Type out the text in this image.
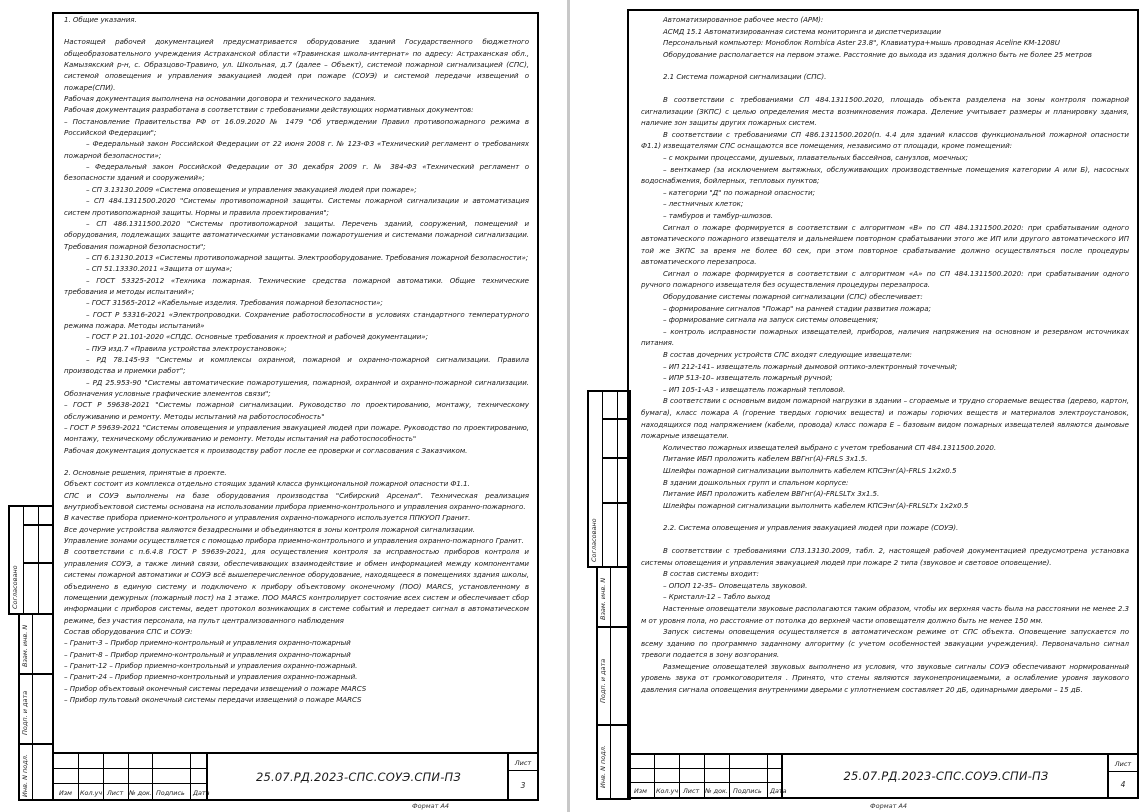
Согласовано
Взам. инв. N
Подп. и дата
Инв. N подл.

1. Общие указания.

Настоящей рабочей документацией предусматривается оборудование зданий Государственного бюджетного общеобразовательного учреждения Астраханской области «Травинская школа-интернат» по адресу: Астраханская обл., Камызякский р-н, с. Образцово-Травино, ул. Школьная, д.7 (далее – Объект), системой пожарной сигнализацией (СПС), системой оповещения и управления эвакуацией людей при пожаре (СОУЭ) и системой передачи извещений о пожаре(СПИ).

Рабочая документация выполнена на основании договора и технического задания.

Рабочая документация разработана в соответствии с требованиями действующих нормативных документов:

– Постановление Правительства РФ от 16.09.2020 № 1479 "Об утверждении Правил противопожарного режима в Российской Федерации";

– Федеральный закон Российской Федерации от 22 июня 2008 г. № 123-ФЗ «Технический регламент о требованиях пожарной безопасности»;

– Федеральный закон Российской Федерации от 30 декабря 2009 г. № 384-ФЗ «Технический регламент о безопасности зданий и сооружений»;

– СП 3.13130.2009 «Система оповещения и управления эвакуацией людей при пожаре»;

– СП 484.1311500.2020 "Системы противопожарной защиты. Системы пожарной сигнализации и автоматизация систем противопожарной защиты. Нормы и правила проектирования";

– СП 486.1311500.2020 "Системы противопожарной защиты. Перечень зданий, сооружений, помещений и оборудования, подлежащих защите автоматическими установками пожаротушения и системами пожарной сигнализации. Требования пожарной безопасности";

– СП 6.13130.2013 «Системы противопожарной защиты. Электрооборудование. Требования пожарной безопасности»;

– СП 51.13330.2011 «Защита от шума»;

– ГОСТ 53325-2012 «Техника пожарная. Технические средства пожарной автоматики. Общие технические требования и методы испытаний»;

– ГОСТ 31565-2012 «Кабельные изделия. Требования пожарной безопасности»;

– ГОСТ Р 53316-2021 «Электропроводки. Сохранение работоспособности в условиях стандартного температурного режима пожара. Методы испытаний»

– ГОСТ Р 21.101-2020 «СПДС. Основные требования к проектной и рабочей документации»;

– ПУЭ изд.7 «Правила устройства электроустановок»;

– РД 78.145-93 "Системы и комплексы охранной, пожарной и охранно-пожарной сигнализации. Правила производства и приемки работ";

– РД 25.953-90 "Системы автоматические пожаротушения, пожарной, охранной и охранно-пожарной сигнализации. Обозначения условные графические элементов связи";

– ГОСТ Р 59638-2021 "Системы пожарной сигнализации. Руководство по проектированию, монтажу, техническому обслуживанию и ремонту. Методы испытаний на работоспособность"

– ГОСТ Р 59639-2021 "Системы оповещения и управления эвакуацией людей при пожаре. Руководство по проектированию, монтажу, техническому обслуживанию и ремонту. Методы испытаний на работоспособность"

Рабочая документация допускается к производству работ после ее проверки и согласования с Заказчиком.

2. Основные решения, принятые в проекте.

Объект состоит из комплекса отдельно стоящих зданий класса функциональной пожарной опасности Ф1.1.

СПС и СОУЭ выполнены на базе оборудования производства "Сибирский Арсенал". Техническая реализация внутриобъектовой системы основана на использовании прибора приемно-контрольного и управления охранно-пожарного.

В качестве прибора приемно-контрольного и управления охранно-пожарного используется ППКУОП Гранит.

Все дочерние устройства являются безадресными и объединяются в зоны контроля пожарной сигнализации.

Управление зонами осуществляется с помощью прибора приемно-контрольного и управления охранно-пожарного Гранит.

В соответствии с п.6.4.8 ГОСТ Р 59639-2021, для осуществления контроля за исправностью приборов контроля и управления СОУЭ, а также линий связи, обеспечивающих взаимодействие и обмен информацией между компонентами системы пожарной автоматики и СОУЭ всё вышеперечисленное оборудование, находящееся в помещениях здания школы, объединено в единую систему и подключено к прибору объектовому оконечному (ПОО) MARCS, установленному в помещении дежурных (пожарный пост) на 1 этаже. ПОО MARCS контролирует состояние всех систем и обеспечивает сбор информации с приборов системы, ведет протокол возникающих в системе событий и передает сигнал в автоматическом режиме, без участия персонала, на пульт централизованного наблюдения

Состав оборудования СПС и СОУЭ:

– Гранит-3 – Прибор приемно-контрольный и управления охранно-пожарный

– Гранит-8 – Прибор приемно-контрольный и управления охранно-пожарный

– Гранит-12 – Прибор приемно-контрольный и управления охранно-пожарный.

– Гранит-24 – Прибор приемно-контрольный и управления охранно-пожарный.

– Прибор объектовый оконечный системы передачи извещений о пожаре MARCS

– Прибор пультовый оконечный системы передачи извещений о пожаре MARCS

Изм Кол.уч Лист № док. Подпись Дата
25.07.РД.2023-СПС.СОУЭ.СПИ-ПЗ
Лист
3
Формат А4
Согласовано
Взам. инв. N
Подп. и дата
Инв. N подл.

Автоматизированное рабочее место (АРМ):

АСМД 15.1 Автоматизированная система мониторинга и диспетчеризации

Персональный компьютер: Моноблок Rombica Aster 23.8", Клавиатура+мышь проводная Aceline KM-1208U

Оборудование располагается на первом этаже. Расстояние до выхода из здания должно быть не более 25 метров

2.1 Система пожарной сигнализации (СПС).

В соответствии с требованиями СП 484.1311500.2020, площадь объекта разделена на зоны контроля пожарной сигнализации (ЗКПС) с целью определения места возникновения пожара. Деление учитывает размеры и планировку здания, наличие зон защиты других пожарных систем.

В соответствии с требованиями СП 486.1311500.2020(п. 4.4 для зданий классов функциональной пожарной опасности Ф1.1) извещателями СПС оснащаются все помещения, независимо от площади, кроме помещений:

– с мокрыми процессами, душевых, плавательных бассейнов, санузлов, моечных;

– венткамер (за исключением вытяжных, обслуживающих производственные помещения категории А или Б), насосных водоснабжения, бойлерных, тепловых пунктов;

– категории "Д" по пожарной опасности;

– лестничных клеток;

– тамбуров и тамбур-шлюзов.

Сигнал о пожаре формируется в соответствии с алгоритмом «В» по СП 484.1311500.2020: при срабатывании одного автоматического пожарного извещателя и дальнейшем повторном срабатывании этого же ИП или другого автоматического ИП той же ЗКПС за время не более 60 сек, при этом повторное срабатывание должно осуществляться после процедуры автоматического перезапроса.

Сигнал о пожаре формируется в соответствии с алгоритмом «А» по СП 484.1311500.2020: при срабатывании одного ручного пожарного извещателя без осуществления процедуры перезапроса.

Оборудование системы пожарной сигнализации (СПС) обеспечивает:

– формирование сигналов "Пожар" на ранней стадии развития пожара;

– формирование сигнала на запуск системы оповещения;

– контроль исправности пожарных извещателей, приборов, наличия напряжения на основном и резервном источниках питания.

В состав дочерних устройств СПС входят следующие извещатели:

– ИП 212-141– извещатель пожарный дымовой оптико-электронный точечный;

– ИПР 513-10– извещатель пожарный ручной;

– ИП 105-1-А3 - извещатель пожарный тепловой.

В соответствии с основным видом пожарной нагрузки в здании – сгораемые и трудно сгораемые вещества (дерево, картон, бумага), класс пожара А (горение твердых горючих веществ) и пожары горючих веществ и материалов электроустановок, находящихся под напряжением (кабели, провода) класс пожара Е – базовым видом пожарных извещателей являются дымовые пожарные извещатели.

Количество пожарных извещателей выбрано с учетом требований СП 484.1311500.2020.

Питание ИБП проложить кабелем ВВГнг(А)-FRLS 3х1.5.

Шлейфы пожарной сигнализации выполнить кабелем КПСЭнг(А)-FRLS 1х2х0.5

В здании дошкольных групп и спальном корпусе:

Питание ИБП проложить кабелем ВВГнг(А)-FRLSLTx 3х1.5.

Шлейфы пожарной сигнализации выполнить кабелем КПСЭнг(А)-FRLSLTx 1х2х0.5

2.2. Система оповещения и управления эвакуацией людей при пожаре (СОУЭ).

В соответствии с требованиями СП3.13130.2009, табл. 2, настоящей рабочей документацией предусмотрена установка системы оповещения и управления эвакуацией людей при пожаре 2 типа (звуковое и световое оповещение).

В состав системы входит:

– ОПОП 12-35– Оповещатель звуковой.

– Кристалл-12 – Табло выход

Настенные оповещатели звуковые располагаются таким образом, чтобы их верхняя часть была на расстоянии не менее 2.3 м от уровня пола, но расстояние от потолка до верхней части оповещателя должно быть не менее 150 мм.

Запуск системы оповещения осуществляется в автоматическом режиме от СПС объекта. Оповещение запускается по всему зданию по программно заданному алгоритму (с учетом особенностей эвакуации учреждения). Первоначально сигнал тревоги подается в зону возгорания.

Размещение оповещателей звуковых выполнено из условия, что звуковые сигналы СОУЭ обеспечивают нормированный уровень звука от громкоговорителя . Принято, что стены являются звуконепроницаемыми, а ослабление уровня звукового давления сигнала оповещения внутренними дверьми с уплотнением составляет 20 дБ, одинарными дверьми – 15 дБ.

Изм Кол.уч Лист № док. Подпись Дата
25.07.РД.2023-СПС.СОУЭ.СПИ-ПЗ
Лист
4
Формат А4
